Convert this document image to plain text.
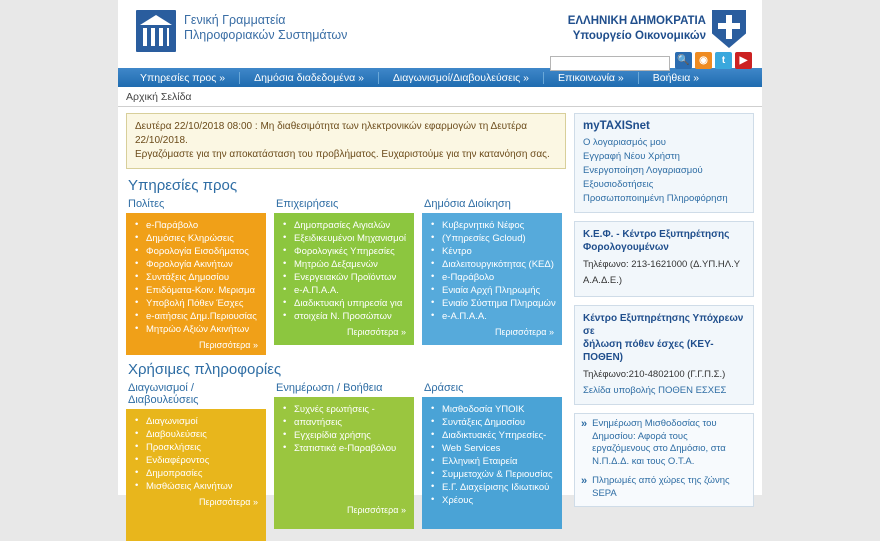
Γενική Γραμματεία
Πληροφοριακών Συστημάτων
ΕΛΛΗΝΙΚΗ ΔΗΜΟΚΡΑΤΙΑ
Υπουργείο Οικονομικών
🔍 ◉	t	▶
Υπηρεσίες προς »	Δημόσια διαδεδομένα »	Διαγωνισμοί/Διαβουλεύσεις »	Επικοινωνία »	Βοήθεια »
Αρχική Σελίδα
Δευτέρα 22/10/2018 08:00 : Μη διαθεσιμότητα των ηλεκτρονικών εφαρμογών τη Δευτέρα 22/10/2018.
Εργαζόμαστε για την αποκατάσταση του προβλήματος. Ευχαριστούμε για την κατανόηση σας.
Υπηρεσίες προς
Πολίτες
• e-Παράβολο
• Δημόσιες Κληρώσεις
• Φορολογία Εισοδήματος
• Φορολογία Ακινήτων
• Συντάξεις Δημοσίου
• Επιδόματα-Κοιν. Μερισμα
• Υποβολή Πόθεν Έσχες
• e-αιτήσεις Δημ.Περιουσίας
• Μητρώο Αξιών Ακινήτων
Περισσότερα »
Επιχειρήσεις
• Δημοπρασίες Αιγιαλών
• Εξειδικευμένοι Μηχανισμοί
• Φορολογικές Υπηρεσίες
• Μητρώο Δεξαμενών
• Ενεργειακών Προϊόντων
• e-Α.Π.Α.Α.
• Διαδικτυακή υπηρεσία για
• στοιχεία Ν. Προσώπων
Περισσότερα »
Δημόσια Διοίκηση
• Κυβερνητικό Νέφος
• (Υπηρεσίες Gcloud)
• Κέντρο
• Διαλειτουργικότητας (ΚΕΔ)
• e-Παράβολο
• Ενιαία Αρχή Πληρωμής
• Ενιαίο Σύστημα Πληραμών
• e-Α.Π.Α.Α.
Περισσότερα »
Χρήσιμες πληροφορίες
Διαγωνισμοί / Διαβουλεύσεις
• Διαγωνισμοί
• Διαβουλεύσεις
• Προσκλήσεις
• Ενδιαφέροντος
• Δημοπρασίες
• Μισθώσεις Ακινήτων
Περισσότερα »
Ενημέρωση / Βοήθεια
• Συχνές ερωτήσεις -
• απαντήσεις
• Εγχειρίδια χρήσης
• Στατιστικά e-Παραβόλου
Περισσότερα »
Δράσεις
• Μισθοδοσία ΥΠΟΙΚ
• Συντάξεις Δημοσίου
• Διαδικτυακές Υπηρεσίες-
• Web Services
• Ελληνική Εταιρεία
• Συμμετοχών & Περιουσίας
• Ε.Γ. Διαχείρισης Ιδιωτικού
• Χρέους
myTAXISnet
Ο λογαριασμός μου
Εγγραφή Νέου Χρήστη
Ενεργοποίηση Λογαριασμού
Εξουσιοδοτήσεις
Προσωποποιημένη Πληροφόρηση
Κ.Ε.Φ. - Κέντρο Εξυπηρέτησης
Φορολογουμένων

Τηλέφωνο: 213-1621000 (Δ.ΥΠ.ΗΛ.Υ

Α.Α.Δ.Ε.)

Κέντρο Εξυπηρέτησης Υπόχρεων σε
δήλωση πόθεν έσχες (ΚΕΥ-ΠΟΘΕΝ)

Τηλέφωνο:210-4802100 (Γ.Γ.Π.Σ.)

Σελίδα υποβολής ΠΟΘΕΝ ΕΣΧΕΣ
» Ενημέρωση Μισθοδοσίας του Δημοσίου: Αφορά τους εργαζόμενους στο Δημόσιο, στα Ν.Π.Δ.Δ. και τους Ο.Τ.Α.
» Πληρωμές από χώρες της ζώνης SEPA
